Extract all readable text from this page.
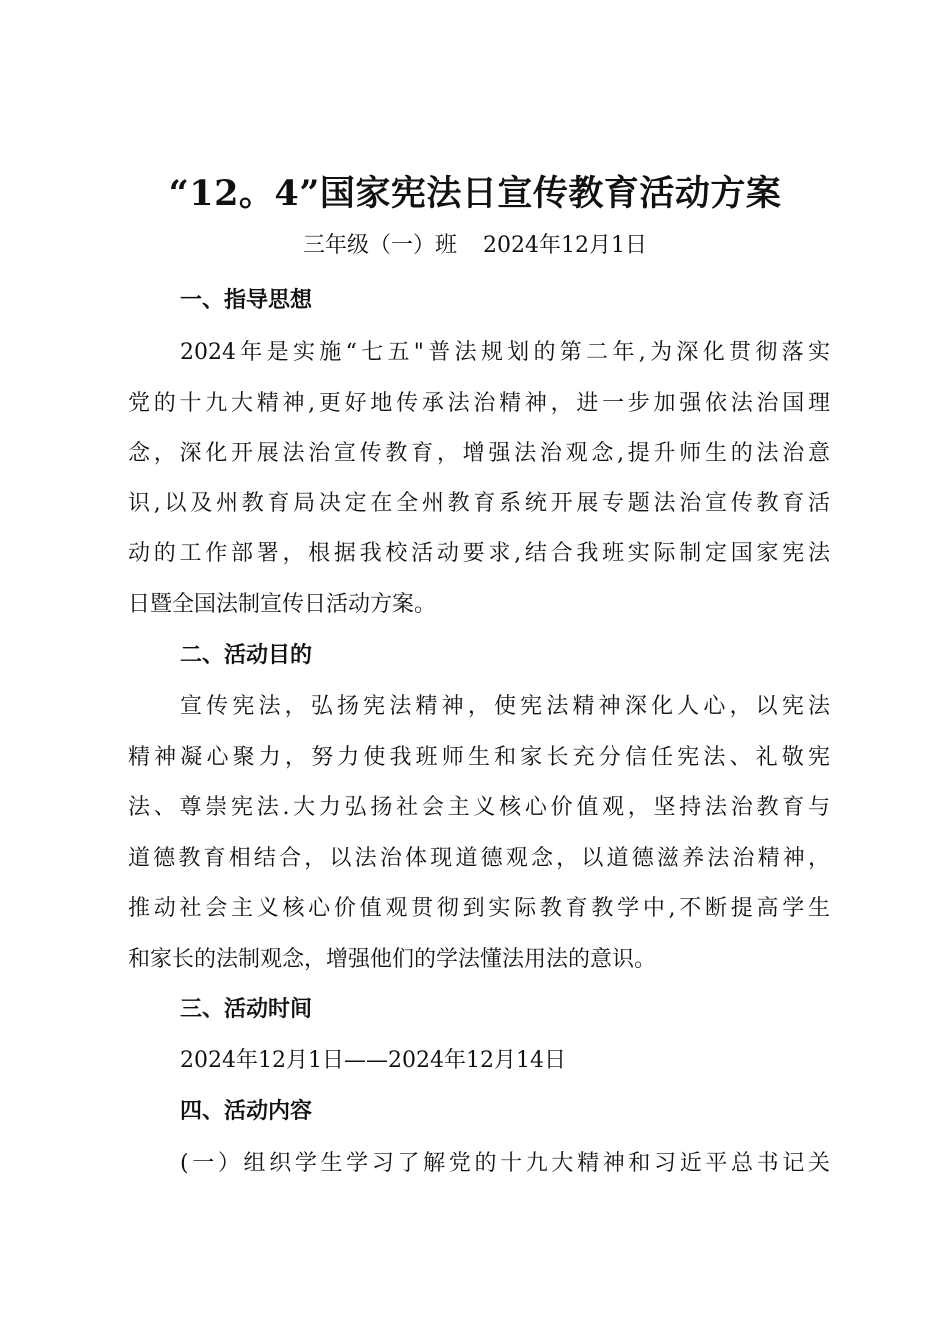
“12。4”国家宪法日宣传教育活动方案
三年级（一）班 2024年12月1日
一、指导思想
2024年是实施“七五"普法规划的第二年,为深化贯彻落实
党的十九大精神,更好地传承法治精神，进一步加强依法治国理
念，深化开展法治宣传教育，增强法治观念,提升师生的法治意
识,以及州教育局决定在全州教育系统开展专题法治宣传教育活
动的工作部署，根据我校活动要求,结合我班实际制定国家宪法
日暨全国法制宣传日活动方案。
二、活动目的
宣传宪法，弘扬宪法精神，使宪法精神深化人心，以宪法
精神凝心聚力，努力使我班师生和家长充分信任宪法、礼敬宪
法、尊崇宪法.大力弘扬社会主义核心价值观，坚持法治教育与
道德教育相结合，以法治体现道德观念，以道德滋养法治精神，
推动社会主义核心价值观贯彻到实际教育教学中,不断提高学生
和家长的法制观念，增强他们的学法懂法用法的意识。
三、活动时间
2024年12月1日——2024年12月14日
四、活动内容
(一）组织学生学习了解党的十九大精神和习近平总书记关
